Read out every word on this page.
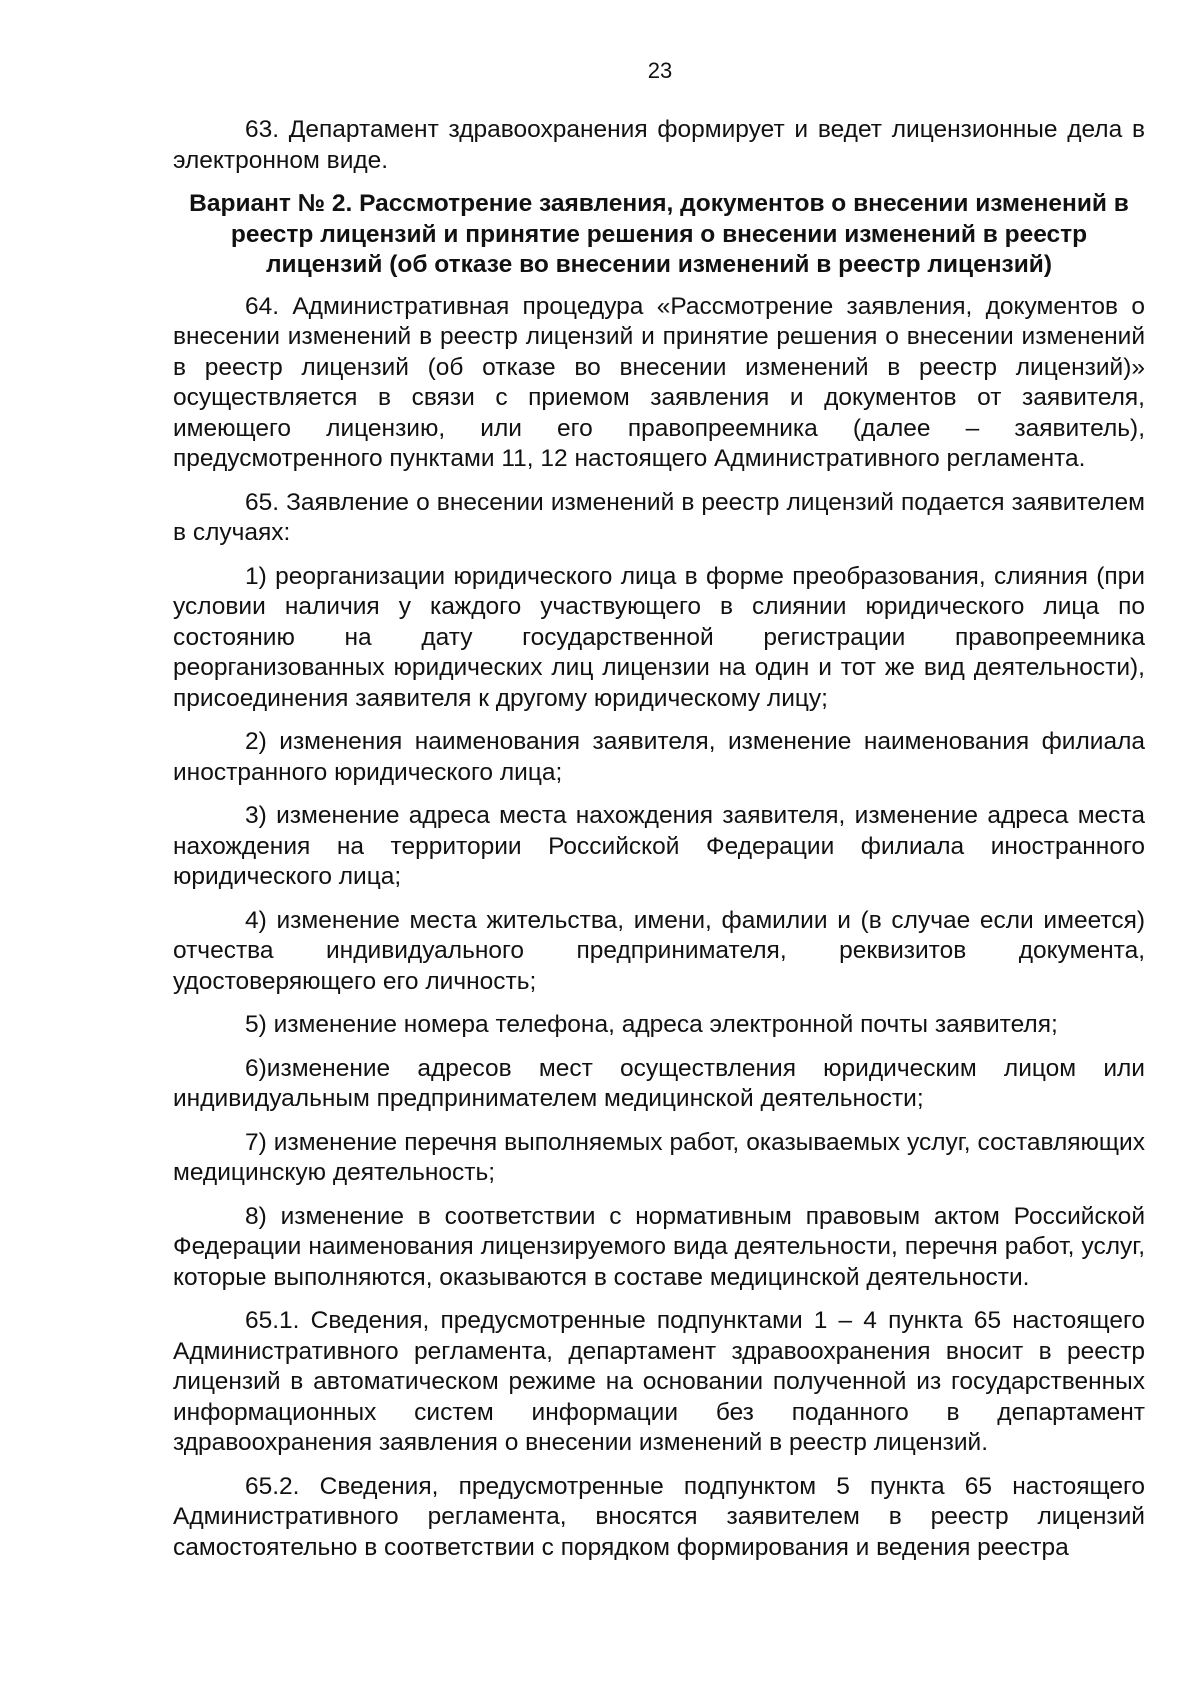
23

63. Департамент здравоохранения формирует и ведет лицензионные дела в электронном виде.

Вариант № 2. Рассмотрение заявления, документов о внесении изменений в реестр лицензий и принятие решения о внесении изменений в реестр лицензий (об отказе во внесении изменений в реестр лицензий)

64. Административная процедура «Рассмотрение заявления, документов о внесении изменений в реестр лицензий и принятие решения о внесении изменений в реестр лицензий (об отказе во внесении изменений в реестр лицензий)» осуществляется в связи с приемом заявления и документов от заявителя, имеющего лицензию, или его правопреемника (далее – заявитель), предусмотренного пунктами 11, 12 настоящего Административного регламента.

65. Заявление о внесении изменений в реестр лицензий подается заявителем в случаях:

1) реорганизации юридического лица в форме преобразования, слияния (при условии наличия у каждого участвующего в слиянии юридического лица по состоянию на дату государственной регистрации правопреемника реорганизованных юридических лиц лицензии на один и тот же вид деятельности), присоединения заявителя к другому юридическому лицу;

2) изменения наименования заявителя, изменение наименования филиала иностранного юридического лица;

3) изменение адреса места нахождения заявителя, изменение адреса места нахождения на территории Российской Федерации филиала иностранного юридического лица;

4) изменение места жительства, имени, фамилии и (в случае если имеется) отчества индивидуального предпринимателя, реквизитов документа, удостоверяющего его личность;

5) изменение номера телефона, адреса электронной почты заявителя;

6)изменение адресов мест осуществления юридическим лицом или индивидуальным предпринимателем медицинской деятельности;

7) изменение перечня выполняемых работ, оказываемых услуг, составляющих медицинскую деятельность;

8) изменение в соответствии с нормативным правовым актом Российской Федерации наименования лицензируемого вида деятельности, перечня работ, услуг, которые выполняются, оказываются в составе медицинской деятельности.

65.1. Сведения, предусмотренные подпунктами 1 – 4 пункта 65 настоящего Административного регламента, департамент здравоохранения вносит в реестр лицензий в автоматическом режиме на основании полученной из государственных информационных систем информации без поданного в департамент здравоохранения заявления о внесении изменений в реестр лицензий.

65.2. Сведения, предусмотренные подпунктом 5 пункта 65 настоящего Административного регламента, вносятся заявителем в реестр лицензий самостоятельно в соответствии с порядком формирования и ведения реестра
